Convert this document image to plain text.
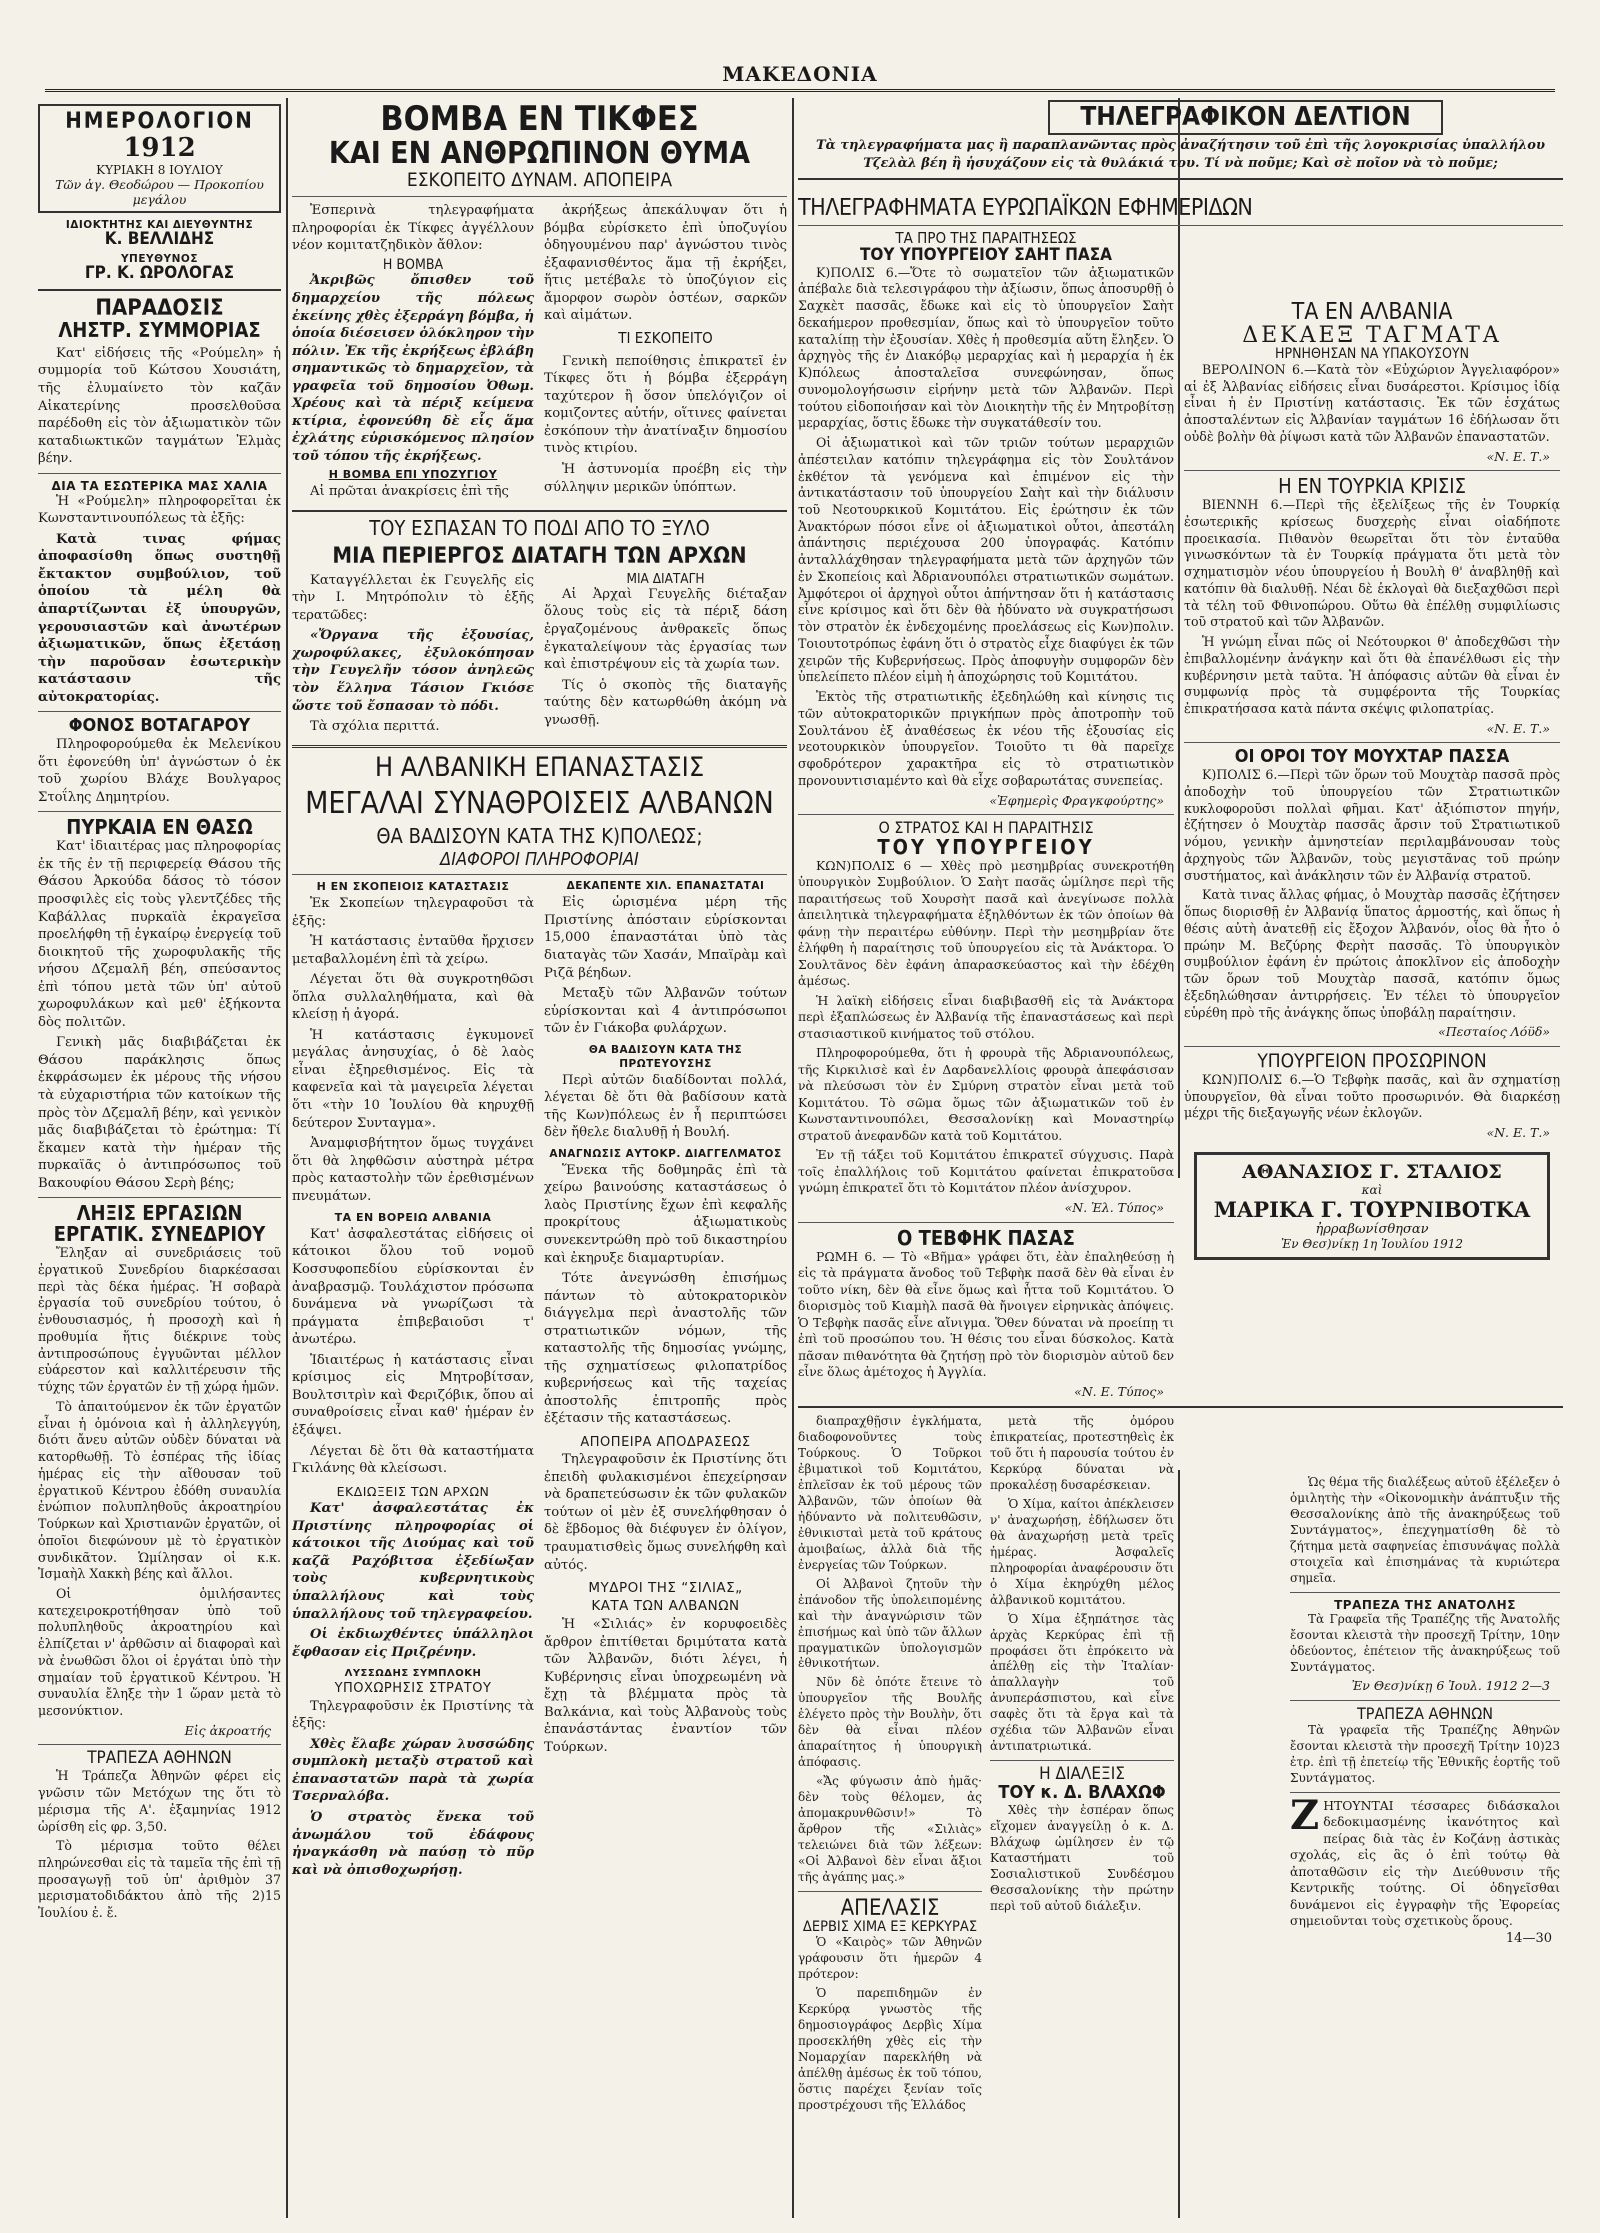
ΜΑΚΕΔΟΝΙΑ
ΗΜΕΡΟΛΟΓΙΟΝ
1912
ΚΥΡΙΑΚΗ 8 ΙΟΥΛΙΟΥ
Τῶν ἁγ. Θεοδώρου — Προκοπίου μεγάλου
ΙΔΙΟΚΤΗΤΗΣ ΚΑΙ ΔΙΕΥΘΥΝΤΗΣ
Κ. ΒΕΛΛΙΔΗΣ
ΥΠΕΥΘΥΝΟΣ
ΓΡ. Κ. ΩΡΟΛΟΓΑΣ
ΠΑΡΑΔΟΣΙΣ
ΛΗΣΤΡ. ΣΥΜΜΟΡΙΑΣ

Κατ' εἰδήσεις τῆς «Ρούμελη» ἡ συμμορία τοῦ Κώτσου Χουσιάτη, τῆς ἐλυμαίνετο τὸν καζᾶν Αἰκατερίνης προσελθοῦσα παρέδοθη εἰς τὸν ἀξιωματικὸν τῶν καταδιωκτικῶν ταγμάτων Ἐλμὰς βέην.

ΔΙΑ ΤΑ ΕΣΩΤΕΡΙΚΑ ΜΑΣ ΧΑΛΙΑ

Ἡ «Ρούμελη» πληροφορεῖται ἐκ Κωνσταντινουπόλεως τὰ ἑξῆς:

Κατὰ τινας φήμας ἀποφασίσθη ὅπως συστηθῇ ἔκτακτον συμβούλιον, τοῦ ὁποίου τὰ μέλη θὰ ἀπαρτίζωνται ἐξ ὑπουργῶν, γερουσιαστῶν καὶ ἀνωτέρων ἀξιωματικῶν, ὅπως ἐξετάσῃ τὴν παροῦσαν ἐσωτερικὴν κατάστασιν τῆς αὐτοκρατορίας.

ΦΟΝΟΣ ΒΟΤΑΓΑΡΟΥ

Πληροφορούμεθα ἐκ Μελενίκου ὅτι ἐφονεύθη ὑπ' ἀγνώστων ὁ ἐκ τοῦ χωρίου Βλάχε Βουλγαρος Στοΐλης Δημητρίου.

ΠΥΡΚΑΙΑ ΕΝ ΘΑΣΩ

Κατ' ἰδιαιτέρας μας πληροφορίας ἐκ τῆς ἐν τῇ περιφερείᾳ Θάσου τῆς Θάσου Ἀρκούδα δάσος τὸ τόσον προσφιλὲς εἰς τοὺς γλεντζέδες τῆς Καβάλλας πυρκαϊὰ ἐκραγεῖσα προελήφθη τῇ ἐγκαίρῳ ἐνεργείᾳ τοῦ διοικητοῦ τῆς χωροφυλακῆς τῆς νήσου Δζεμαλῆ βέη, σπεύσαντος ἐπὶ τόπου μετὰ τῶν ὑπ' αὐτοῦ χωροφυλάκων καὶ μεθ' ἐξήκοντα δὸς πολιτῶν.

Γενικὴ μᾶς διαβιβάζεται ἐκ Θάσου παράκλησις ὅπως ἐκφράσωμεν ἐκ μέρους τῆς νήσου τὰ εὐχαριστήρια τῶν κατοίκων τῆς πρὸς τὸν Δζεμαλῆ βέην, καὶ γενικὸν μᾶς διαβιβάζεται τὸ ἐρώτημα: Τί ἔκαμεν κατὰ τὴν ἡμέραν τῆς πυρκαϊᾶς ὁ ἀντιπρόσωπος τοῦ Βακουφίου Θάσου Σερὴ βέης;

ΛΗΞΙΣ ΕΡΓΑΣΙΩΝ
ΕΡΓΑΤΙΚ. ΣΥΝΕΔΡΙΟΥ

Ἔληξαν αἱ συνεδριάσεις τοῦ ἐργατικοῦ Συνεδρίου διαρκέσασαι περὶ τὰς δέκα ἡμέρας. Ἡ σοβαρὰ ἐργασία τοῦ συνεδρίου τούτου, ὁ ἐνθουσιασμός, ἡ προσοχὴ καὶ ἡ προθυμία ἥτις διέκρινε τοὺς ἀντιπροσώπους ἐγγυῶνται μέλλον εὐάρεστον καὶ καλλιτέρευσιν τῆς τύχης τῶν ἐργατῶν ἐν τῇ χώρᾳ ἡμῶν.

Τὸ ἀπαιτούμενον ἐκ τῶν ἐργατῶν εἶναι ἡ ὁμόνοια καὶ ἡ ἀλληλεγγύη, διότι ἄνευ αὐτῶν οὐδὲν δύναται νὰ κατορθωθῇ. Τὸ ἐσπέρας τῆς ἰδίας ἡμέρας εἰς τὴν αἴθουσαν τοῦ ἐργατικοῦ Κέντρου ἐδόθη συναυλία ἐνώπιον πολυπληθοῦς ἀκροατηρίου Τούρκων καὶ Χριστιανῶν ἐργατῶν, οἱ ὁποῖοι διεφώνουν μὲ τὸ ἐργατικὸν συνδικᾶτον. Ὡμίλησαν οἱ κ.κ. Ἰσμαὴλ Χακκὴ βέης καὶ ἄλλοι.

Οἱ ὁμιλήσαντες κατεχειροκροτήθησαν ὑπὸ τοῦ πολυπληθοῦς ἀκροατηρίου καὶ ἐλπίζεται ν' ἀρθῶσιν αἱ διαφοραὶ καὶ νὰ ἐνωθῶσι ὅλοι οἱ ἐργάται ὑπὸ τὴν σημαίαν τοῦ ἐργατικοῦ Κέντρου. Ἡ συναυλία ἔληξε τὴν 1 ὥραν μετὰ τὸ μεσονύκτιον.

Εἰς ἀκροατής

ΤΡΑΠΕΖΑ ΑΘΗΝΩΝ

Ἡ Τράπεζα Ἀθηνῶν φέρει εἰς γνῶσιν τῶν Μετόχων της ὅτι τὸ μέρισμα τῆς Α'. ἑξαμηνίας 1912 ὡρίσθη εἰς φρ. 3,50.

Τὸ μέρισμα τοῦτο θέλει πληρώνεσθαι εἰς τὰ ταμεῖα τῆς ἐπὶ τῇ προσαγωγῇ τοῦ ὑπ' ἀριθμὸν 37 μερισματοδιδάκτου ἀπὸ τῆς 2)15 Ἰουλίου ἐ. ἔ.

ΒΟΜΒΑ ΕΝ ΤΙΚΦΕΣ
ΚΑΙ ΕΝ ΑΝΘΡΩΠΙΝΟΝ ΘΥΜΑ
ΕΣΚΟΠΕΙΤΟ ΔΥΝΑΜ. ΑΠΟΠΕΙΡΑ

Ἐσπερινὰ τηλεγραφήματα πληροφορίαι ἐκ Τίκφες ἀγγέλλουν νέον κομιτατζηδικὸν ἄθλον:

Η ΒΟΜΒΑ

Ἀκριβῶς ὄπισθεν τοῦ δημαρχείου τῆς πόλεως ἐκείνης χθὲς ἐξερράγη βόμβα, ἡ ὁποία διέσεισεν ὁλόκληρον τὴν πόλιν. Ἐκ τῆς ἐκρήξεως ἐβλάβη σημαντικῶς τὸ δημαρχεῖον, τὰ γραφεῖα τοῦ δημοσίου Ὀθωμ. Χρέους καὶ τὰ πέριξ κείμενα κτίρια, ἐφονεύθη δὲ εἷς ἅμα ἐχλάτης εὑρισκόμενος πλησίον τοῦ τόπου τῆς ἐκρήξεως.

Η ΒΟΜΒΑ ΕΠΙ ΥΠΟΖΥΓΙΟΥ

Αἱ πρῶται ἀνακρίσεις ἐπὶ τῆς

ἀκρήξεως ἀπεκάλυψαν ὅτι ἡ βόμβα εὑρίσκετο ἐπὶ ὑποζυγίου ὁδηγουμένου παρ' ἀγνώστου τινὸς ἐξαφανισθέντος ἅμα τῇ ἐκρήξει, ἥτις μετέβαλε τὸ ὑποζύγιον εἰς ἄμορφον σωρὸν ὀστέων, σαρκῶν καὶ αἱμάτων.

ΤΙ ΕΣΚΟΠΕΙΤΟ

Γενικὴ πεποίθησις ἐπικρατεῖ ἐν Τίκφες ὅτι ἡ βόμβα ἐξερράγη ταχύτερον ἢ ὅσον ὑπελόγιζον οἱ κομιζοντες αὐτήν, οἵτινες φαίνεται ἐσκόπουν τὴν ἀνατίναξιν δημοσίου τινὸς κτιρίου.

Ἡ ἀστυνομία προέβη εἰς τὴν σύλληψιν μερικῶν ὑπόπτων.

ΤΟΥ ΕΣΠΑΣΑΝ ΤΟ ΠΟΔΙ ΑΠΟ ΤΟ ΞΥΛΟ
ΜΙΑ ΠΕΡΙΕΡΓΟΣ ΔΙΑΤΑΓΗ ΤΩΝ ΑΡΧΩΝ

Καταγγέλλεται ἐκ Γευγελῆς εἰς τὴν Ι. Μητρόπολιν τὸ ἑξῆς τερατῶδες:

«Ὄργανα τῆς ἐξουσίας, χωροφύλακες, ἐξυλοκόπησαν τὴν Γευγελῆν τόσον ἀνηλεῶς τὸν ἕλληνα Τάσιον Γκιόσε ὥστε τοῦ ἔσπασαν τὸ πόδι.

Τὰ σχόλια περιττά.

ΜΙΑ ΔΙΑΤΑΓΗ

Αἱ Ἀρχαὶ Γευγελῆς διέταξαν ὅλους τοὺς εἰς τὰ πέριξ δάση ἐργαζομένους ἀνθρακεῖς ὅπως ἐγκαταλείψουν τὰς ἐργασίας των καὶ ἐπιστρέψουν εἰς τὰ χωρία των.

Τίς ὁ σκοπὸς τῆς διαταγῆς ταύτης δὲν κατωρθώθη ἀκόμη νὰ γνωσθῇ.

Η ΑΛΒΑΝΙΚΗ ΕΠΑΝΑΣΤΑΣΙΣ
ΜΕΓΑΛΑΙ ΣΥΝΑΘΡΟΙΣΕΙΣ ΑΛΒΑΝΩΝ
ΘΑ ΒΑΔΙΣΟΥΝ ΚΑΤΑ ΤΗΣ Κ)ΠΟΛΕΩΣ;
ΔΙΑΦΟΡΟΙ ΠΛΗΡΟΦΟΡΙΑΙ
Η ΕΝ ΣΚΟΠΕΙΟΙΣ ΚΑΤΑΣΤΑΣΙΣ

Ἐκ Σκοπείων τηλεγραφοῦσι τὰ ἑξῆς:

Ἡ κατάστασις ἐνταῦθα ἤρχισεν μεταβαλλομένη ἐπὶ τὰ χείρω.

Λέγεται ὅτι θὰ συγκροτηθῶσι ὅπλα συλλαληθήματα, καὶ θὰ κλείσῃ ἡ ἀγορά.

Ἡ κατάστασις ἐγκυμονεῖ μεγάλας ἀνησυχίας, ὁ δὲ λαὸς εἶναι ἐξηρεθισμένος. Εἰς τὰ καφενεῖα καὶ τὰ μαγειρεῖα λέγεται ὅτι «τὴν 10 Ἰουλίου θὰ κηρυχθῇ δεύτερον Συνταγμα».

Ἀναμφισβήτητον ὅμως τυγχάνει ὅτι θὰ ληφθῶσιν αὐστηρὰ μέτρα πρὸς καταστολὴν τῶν ἐρεθισμένων πνευμάτων.

ΤΑ ΕΝ ΒΟΡΕΙΩ ΑΛΒΑΝΙΑ

Κατ' ἀσφαλεστάτας εἰδήσεις οἱ κάτοικοι ὅλου τοῦ νομοῦ Κοσσυφοπεδίου εὑρίσκονται ἐν ἀναβρασμῷ. Τουλάχιστον πρόσωπα δυνάμενα νὰ γνωρίζωσι τὰ πράγματα ἐπιβεβαιοῦσι τ' ἀνωτέρω.

Ἰδιαιτέρως ἡ κατάστασις εἶναι κρίσιμος εἰς Μητροβίτσαν, Βουλτσιτρὶν καὶ Φεριζόβικ, ὅπου αἱ συναθροίσεις εἶναι καθ' ἡμέραν ἐν ἐξάψει.

Λέγεται δὲ ὅτι θὰ καταστήματα Γκιλάνης θὰ κλείσωσι.

ΕΚΔΙΩΞΕΙΣ ΤΩΝ ΑΡΧΩΝ

Κατ' ἀσφαλεστάτας ἐκ Πριστίνης πληροφορίας οἱ κάτοικοι τῆς Διούμας καὶ τοῦ καζᾶ Ραχόβιτσα ἐξεδίωξαν τοὺς κυβερνητικοὺς ὑπαλλήλους καὶ τοὺς ὑπαλλήλους τοῦ τηλεγραφείου.

Οἱ ἐκδιωχθέντες ὑπάλληλοι ἔφθασαν εἰς Πριζρένην.

ΛΥΣΣΩΔΗΣ ΣΥΜΠΛΟΚΗ
ΥΠΟΧΩΡΗΣΙΣ ΣΤΡΑΤΟΥ

Τηλεγραφοῦσιν ἐκ Πριστίνης τὰ ἑξῆς:

Χθὲς ἔλαβε χώραν λυσσώδης συμπλοκὴ μεταξὺ στρατοῦ καὶ ἐπαναστατῶν παρὰ τὰ χωρία Τσερναλόβα.

Ὁ στρατὸς ἔνεκα τοῦ ἀνωμάλου τοῦ ἐδάφους ἠναγκάσθη νὰ παύσῃ τὸ πῦρ καὶ νὰ ὀπισθοχωρήσῃ.

ΔΕΚΑΠΕΝΤΕ ΧΙΛ. ΕΠΑΝΑΣΤΑΤΑΙ

Εἰς ὡρισμένα μέρη τῆς Πριστίνης ἀπόσταιν εὑρίσκονται 15,000 ἐπαναστάται ὑπὸ τὰς διαταγὰς τῶν Χασάν, Μπαϊρὰμ καὶ Ριζᾶ βέηδων.

Μεταξὺ τῶν Ἀλβανῶν τούτων εὑρίσκονται καὶ 4 ἀντιπρόσωποι τῶν ἐν Γιάκοβα φυλάρχων.

ΘΑ ΒΑΔΙΣΟΥΝ ΚΑΤΑ ΤΗΣ ΠΡΩΤΕΥΟΥΣΗΣ

Περὶ αὐτῶν διαδίδονται πολλά, λέγεται δὲ ὅτι θὰ βαδίσουν κατὰ τῆς Κων)πόλεως ἐν ἧ περιπτώσει δὲν ἤθελε διαλυθῇ ἡ Βουλή.

ΑΝΑΓΝΩΣΙΣ ΑΥΤΟΚΡ. ΔΙΑΓΓΕΛΜΑΤΟΣ

Ἕνεκα τῆς δοθμηρᾶς ἐπὶ τὰ χείρω βαινούσης καταστάσεως ὁ λαὸς Πριστίνης ἔχων ἐπὶ κεφαλῆς προκρίτους ἀξιωματικοὺς συνεκεντρώθη πρὸ τοῦ δικαστηρίου καὶ ἐκηρυξε διαμαρτυρίαν.

Τότε ἀνεγνώσθη ἐπισήμως πάντων τὸ αὐτοκρατορικὸν διάγγελμα περὶ ἀναστολῆς τῶν στρατιωτικῶν νόμων, τῆς καταστολῆς τῆς δημοσίας γνώμης, τῆς σχηματίσεως φιλοπατρίδος κυβερνήσεως καὶ τῆς ταχείας ἀποστολῆς ἐπιτροπῆς πρὸς ἐξέτασιν τῆς καταστάσεως.

ΑΠΟΠΕΙΡΑ ΑΠΟΔΡΑΣΕΩΣ

Τηλεγραφοῦσιν ἐκ Πριστίνης ὅτι ἐπειδὴ φυλακισμένοι ἐπεχείρησαν νὰ δραπετεύσωσιν ἐκ τῶν φυλακῶν τούτων οἱ μὲν ἐξ συνελήφθησαν ὁ δὲ ἕβδομος θὰ διέφυγεν ἐν ὀλίγον, τραυματισθεὶς ὅμως συνελήφθη καὶ αὐτός.

ΜΥΔΡΟΙ ΤΗΣ “ΣΙΛΙΑΣ„
ΚΑΤΑ ΤΩΝ ΑΛΒΑΝΩΝ

Ἡ «Σιλιάς» ἐν κορυφοειδὲς ἄρθρον ἐπιτίθεται δριμύτατα κατὰ τῶν Ἀλβανῶν, διότι λέγει, ἡ Κυβέρνησις εἶναι ὑποχρεωμένη νὰ ἔχῃ τὰ βλέμματα πρὸς τὰ Βαλκάνια, καὶ τοὺς Ἀλβανοὺς τοὺς ἐπανάστάντας ἐναντίον τῶν Τούρκων.

ΤΗΛΕΓΡΑΦΙΚΟΝ ΔΕΛΤΙΟΝ
Τὰ τηλεγραφήματα μας ἢ παραπλανῶντας πρὸς ἀναζήτησιν τοῦ ἐπὶ τῆς λογοκρισίας ὑπαλλήλου Τζελὰλ βέη ἢ ἡσυχάζουν εἰς τὰ θυλάκιά του. Τί νὰ ποῦμε; Καὶ σὲ ποῖον νὰ τὸ ποῦμε;
ΤΗΛΕΓΡΑΦΗΜΑΤΑ ΕΥΡΩΠΑΪΚΩΝ ΕΦΗΜΕΡΙΔΩΝ
ΤΑ ΠΡΟ ΤΗΣ ΠΑΡΑΙΤΗΣΕΩΣ
ΤΟΥ ΥΠΟΥΡΓΕΙΟΥ ΣΑΗΤ ΠΑΣΑ

Κ)ΠΟΛΙΣ 6.—Ὅτε τὸ σωματεῖον τῶν ἀξιωματικῶν ἀπέβαλε διὰ τελεσιγράφου τὴν ἀξίωσιν, ὅπως ἀποσυρθῇ ὁ Σαχκὲτ πασσᾶς, ἔδωκε καὶ εἰς τὸ ὑπουργεῖον Σαὴτ δεκαήμερον προθεσμίαν, ὅπως καὶ τὸ ὑπουργεῖον τοῦτο καταλίπῃ τὴν ἐξουσίαν. Χθὲς ἡ προθεσμία αὕτη ἔληξεν. Ὁ ἀρχηγὸς τῆς ἐν Διακόβῳ μεραρχίας καὶ ἡ μεραρχία ἡ ἐκ Κ)πόλεως ἀποσταλεῖσα συνεφώνησαν, ὅπως συνομολογήσωσιν εἰρήνην μετὰ τῶν Ἀλβανῶν. Περὶ τούτου εἰδοποιήσαν καὶ τὸν Διοικητὴν τῆς ἐν Μητροβίτσῃ μεραρχίας, ὅστις ἔδωκε τὴν συγκατάθεσίν του.

Οἱ ἀξιωματικοὶ καὶ τῶν τριῶν τούτων μεραρχιῶν ἀπέστειλαν κατόπιν τηλεγράφημα εἰς τὸν Σουλτάνον ἐκθέτον τὰ γενόμενα καὶ ἐπιμένον εἰς τὴν ἀντικατάστασιν τοῦ ὑπουργείου Σαὴτ καὶ τὴν διάλυσιν τοῦ Νεοτουρκικοῦ Κομιτάτου. Εἰς ἐρώτησιν ἐκ τῶν Ἀνακτόρων πόσοι εἶνε οἱ ἀξιωματικοὶ οὗτοι, ἀπεστάλη ἀπάντησις περιέχουσα 200 ὑπογραφάς. Κατόπιν ἀνταλλάχθησαν τηλεγραφήματα μετὰ τῶν ἀρχηγῶν τῶν ἐν Σκοπείοις καὶ Ἀδριανουπόλει στρατιωτικῶν σωμάτων. Ἀμφότεροι οἱ ἀρχηγοὶ οὗτοι ἀπήντησαν ὅτι ἡ κατάστασις εἶνε κρίσιμος καὶ ὅτι δὲν θὰ ἠδύνατο νὰ συγκρατήσωσι τὸν στρατὸν ἐκ ἐνδεχομένης προελάσεως εἰς Κων)πολιν. Τοιουτοτρόπως ἐφάνη ὅτι ὁ στρατὸς εἶχε διαφύγει ἐκ τῶν χειρῶν τῆς Κυβερνήσεως. Πρὸς ἀποφυγὴν συμφορῶν δὲν ὑπελείπετο πλέον εἰμὴ ἡ ἀποχώρησις τοῦ Κομιτάτου.

Ἐκτὸς τῆς στρατιωτικῆς ἐξεδηλώθη καὶ κίνησις τις τῶν αὐτοκρατορικῶν πριγκήπων πρὸς ἀποτροπὴν τοῦ Σουλτάνου ἐξ ἀναθέσεως ἐκ νέου τῆς ἐξουσίας εἰς νεοτουρκικὸν ὑπουργεῖον. Τοιοῦτο τι θὰ παρεῖχε σφοδρότερον χαρακτῆρα εἰς τὸ στρατιωτικὸν προνουντισιαμέντο καὶ θὰ εἶχε σοβαρωτάτας συνεπείας.

«Ἐφημερὶς Φραγκφούρτης»
Ο ΣΤΡΑΤΟΣ ΚΑΙ Η ΠΑΡΑΙΤΗΣΙΣ
ΤΟΥ ΥΠΟΥΡΓΕΙΟΥ

ΚΩΝ)ΠΟΛΙΣ 6 — Χθὲς πρὸ μεσημβρίας συνεκροτήθη ὑπουργικὸν Συμβούλιον. Ὁ Σαὴτ πασᾶς ὡμίλησε περὶ τῆς παραιτήσεως τοῦ Χουρσὴτ πασᾶ καὶ ἀνεγίνωσε πολλὰ ἀπειλητικὰ τηλεγραφήματα ἐξηλθόντων ἐκ τῶν ὁποίων θὰ φάνῃ τὴν περαιτέρω εὐθύνην. Περὶ τὴν μεσημβρίαν ὅτε ἐλήφθη ἡ παραίτησις τοῦ ὑπουργείου εἰς τὰ Ἀνάκτορα. Ὁ Σουλτᾶνος δὲν ἐφάνη ἀπαρασκεύαστος καὶ τὴν ἐδέχθη ἀμέσως.

Ἡ λαϊκὴ εἰδήσεις εἶναι διαβιβασθῆ εἰς τὰ Ἀνάκτορα περὶ ἐξαπλώσεως ἐν Ἀλβανίᾳ τῆς ἐπαναστάσεως καὶ περὶ στασιαστικοῦ κινήματος τοῦ στόλου.

Πληροφορούμεθα, ὅτι ἡ φρουρὰ τῆς Ἀδριανουπόλεως, τῆς Κιρκιλισὲ καὶ ἐν Δαρδανελλίοις φρουρὰ ἀπεφάσισαν νὰ πλεύσωσι τὸν ἐν Σμύρνη στρατὸν εἶναι μετὰ τοῦ Κομιτάτου. Τὸ σῶμα ὅμως τῶν ἀξιωματικῶν τοῦ ἐν Κωνσταντινουπόλει, Θεσσαλονίκῃ καὶ Μοναστηρίῳ στρατοῦ ἀνεφανδῶν κατὰ τοῦ Κομιτάτου.

Ἐν τῇ τάξει τοῦ Κομιτάτου ἐπικρατεῖ σύγχυσις. Παρὰ τοῖς ἐπαλλήλοις τοῦ Κομιτάτου φαίνεται ἐπικρατοῦσα γνώμη ἐπικρατεῖ ὅτι τὸ Κομιτάτον πλέον ἀνίσχυρον.

«Ν. Ἐλ. Τύπος»
Ο ΤΕΒΦΗΚ ΠΑΣΑΣ

ΡΩΜΗ 6. — Τὸ «Βῆμα» γράφει ὅτι, ἐὰν ἐπαληθεύσῃ ἡ εἰς τὰ πράγματα ἄνοδος τοῦ Τεβφὴκ πασᾶ δὲν θὰ εἶναι ἐν τοῦτο νίκη, δὲν θὰ εἶνε ὅμως καὶ ἧττα τοῦ Κομιτάτου. Ὁ διορισμὸς τοῦ Κιαμὴλ πασᾶ θὰ ἤνοιγεν εἰρηνικὰς ἀπόψεις. Ὁ Τεβφὴκ πασᾶς εἶνε αἴνιγμα. Ὅθεν δύναται νὰ προείπῃ τι ἐπὶ τοῦ προσώπου του. Ἡ θέσις του εἶναι δύσκολος. Κατὰ πᾶσαν πιθανότητα θὰ ζητήσῃ πρὸ τὸν διορισμὸν αὐτοῦ δεν εἶνε ὅλως ἀμέτοχος ἡ Ἀγγλία.

«Ν. Ε. Τύπος»

διαπραχθῇσιν ἐγκλήματα, διαδοφονοῦντες τοὺς Τούρκους. Ὁ Τοῦρκοι ἐβιματικοὶ τοῦ Κομιτάτου, ἐπλεῖσαν ἐκ τοῦ μέρους τῶν Ἀλβανῶν, τῶν ὁποίων θὰ ἠδύναντο νὰ πολιτευθῶσιν, ἐθνικισταὶ μετὰ τοῦ κράτους ἀμοιβαίως, ἀλλὰ διὰ τῆς ἐνεργείας τῶν Τούρκων.

Οἱ Ἀλβανοὶ ζητοῦν τὴν ἐπάνοδον τῆς ὑπολειπομένης καὶ τὴν ἀναγνώρισιν τῶν ἐπισήμως καὶ ὑπὸ τῶν ἄλλων πραγματικῶν ὑπολογισμῶν ἐθνικοτήτων.

Νῦν δὲ ὁπότε ἔτεινε τὸ ὑπουργεῖον τῆς Βουλῆς ἐλέγετο πρὸς τὴν Βουλὴν, ὅτι δὲν θὰ εἶναι πλέον ἀπαραίτητος ἡ ὑπουργικὴ ἀπόφασις.

«Ἄς φύγωσιν ἀπὸ ἡμᾶς· δὲν τοὺς θέλομεν, ἀς ἀπομακρυνθῶσιν!» Τὸ ἄρθρον τῆς «Σιλιὰς» τελειώνει διὰ τῶν λέξεων: «Οἱ Ἀλβανοὶ δὲν εἶναι ἄξιοι τῆς ἀγάπης μας.»

ΑΠΕΛΑΣΙΣ
ΔΕΡΒΙΣ ΧΙΜΑ ΕΞ ΚΕΡΚΥΡΑΣ

Ὁ «Καιρὸς» τῶν Ἀθηνῶν γράφουσιν ὅτι ἡμερῶν 4 πρότερον:

Ὁ παρεπιδημῶν ἐν Κερκύρᾳ γνωστὸς τῆς δημοσιογράφος Δερβὶς Χίμα προσεκλήθη χθὲς εἰς τὴν Νομαρχίαν παρεκλήθη νὰ ἀπέλθῃ ἀμέσως ἐκ τοῦ τόπου, ὅστις παρέχει ξενίαν τοῖς προστρέχουσι τῆς Ἑλλάδος

μετὰ τῆς ὁμόρου ἐπικρατείας, προτεστηθεὶς ἐκ τοῦ ὅτι ἡ παρουσία τούτου ἐν Κερκύρᾳ δύναται νὰ προκαλέσῃ δυσαρέσκειαν.

Ὁ Χίμα, καίτοι ἀπέκλεισεν ν' ἀναχωρήσῃ, ἐδήλωσεν ὅτι θὰ ἀναχωρήσῃ μετὰ τρεῖς ἡμέρας. Ἀσφαλεῖς πληροφορίαι ἀναφέρουσιν ὅτι ὁ Χίμα ἐκηρύχθη μέλος ἀλβανικοῦ κομιτάτου.

Ὁ Χίμα ἐξηπάτησε τὰς ἀρχὰς Κερκύρας ἐπὶ τῇ προφάσει ὅτι ἐπρόκειτο νὰ ἀπέλθῃ εἰς τὴν Ἰταλίαν· ἀπαλλαγὴν τοῦ ἀνυπεράσπιστου, καὶ εἶνε σαφὲς ὅτι τὰ ἔργα καὶ τὰ σχέδια τῶν Ἀλβανῶν εἶναι ἀντιπατριωτικά.

Η ΔΙΑΛΕΞΙΣ
ΤΟΥ κ. Δ. ΒΛΑΧΩΦ

Χθὲς τὴν ἑσπέραν ὅπως εἴχομεν ἀναγγείλῃ ὁ κ. Δ. Βλάχωφ ὡμίλησεν ἐν τῷ Καταστήματι τοῦ Σοσιαλιστικοῦ Συνδέσμου Θεσσαλονίκης τὴν πρώτην περὶ τοῦ αὐτοῦ διάλεξιν.

ΤΑ ΕΝ ΑΛΒΑΝΙΑ
ΔΕΚΑΕΞ ΤΑΓΜΑΤΑ
ΗΡΝΗΘΗΣΑΝ ΝΑ ΥΠΑΚΟΥΣΟΥΝ

ΒΕΡΟΛΙΝΟΝ 6.—Κατὰ τὸν «Εὐχώριον Ἀγγελιαφόρον» αἱ ἐξ Ἀλβανίας εἰδήσεις εἶναι δυσάρεστοι. Κρίσιμος ἰδίᾳ εἶναι ἡ ἐν Πριστίνῃ κατάστασις. Ἐκ τῶν ἐσχάτως ἀποσταλέντων εἰς Ἀλβανίαν ταγμάτων 16 ἐδήλωσαν ὅτι οὐδὲ βολὴν θὰ ῥίψωσι κατὰ τῶν Ἀλβανῶν ἐπαναστατῶν.

«Ν. Ε. Τ.»
Η ΕΝ ΤΟΥΡΚΙΑ ΚΡΙΣΙΣ

ΒΙΕΝΝΗ 6.—Περὶ τῆς ἐξελίξεως τῆς ἐν Τουρκίᾳ ἐσωτερικῆς κρίσεως δυσχερὴς εἶναι οἱαδήποτε προεικασία. Πιθανὸν θεωρεῖται ὅτι τὸν ἐνταῦθα γινωσκόντων τὰ ἐν Τουρκίᾳ πράγματα ὅτι μετὰ τὸν σχηματισμὸν νέου ὑπουργείου ἡ Βουλὴ θ' ἀναβληθῇ καὶ κατόπιν θὰ διαλυθῇ. Νέαι δὲ ἐκλογαὶ θὰ διεξαχθῶσι περὶ τὰ τέλη τοῦ Φθινοπώρου. Οὕτω θὰ ἐπέλθῃ συμφιλίωσις τοῦ στρατοῦ καὶ τῶν Ἀλβανῶν.

Ἡ γνώμη εἶναι πῶς οἱ Νεότουρκοι θ' ἀποδεχθῶσι τὴν ἐπιβαλλομένην ἀνάγκην καὶ ὅτι θὰ ἐπανέλθωσι εἰς τὴν κυβέρνησιν μετὰ ταῦτα. Ἡ ἀπόφασις αὐτῶν θὰ εἶναι ἐν συμφωνίᾳ πρὸς τὰ συμφέροντα τῆς Τουρκίας ἐπικρατήσασα κατὰ πάντα σκέψις φιλοπατρίας.

«Ν. Ε. Τ.»
ΟΙ ΟΡΟΙ ΤΟΥ ΜΟΥΧΤΑΡ ΠΑΣΣΑ

Κ)ΠΟΛΙΣ 6.—Περὶ τῶν ὅρων τοῦ Μουχτὰρ πασσᾶ πρὸς ἀποδοχὴν τοῦ ὑπουργείου τῶν Στρατιωτικῶν κυκλοφοροῦσι πολλαὶ φῆμαι. Κατ' ἀξιόπιστον πηγήν, ἐζήτησεν ὁ Μουχτὰρ πασσᾶς ἄρσιν τοῦ Στρατιωτικοῦ νόμου, γενικὴν ἀμνηστείαν περιλαμβάνουσαν τοὺς ἀρχηγοὺς τῶν Ἀλβανῶν, τοὺς μεγιστᾶνας τοῦ πρώην συστήματος, καὶ ἀνάκλησιν τῶν ἐν Ἀλβανίᾳ στρατοῦ.

Κατὰ τινας ἄλλας φήμας, ὁ Μουχτὰρ πασσᾶς ἐζήτησεν ὅπως διορισθῇ ἐν Ἀλβανίᾳ ὕπατος ἁρμοστής, καὶ ὅπως ἡ θέσις αὐτὴ ἀνατεθῇ εἰς ἔξοχον Ἀλβανόν, οἷος θὰ ἦτο ὁ πρώην Μ. Βεζύρης Φερὴτ πασσᾶς. Τὸ ὑπουργικὸν συμβούλιον ἐφάνη ἐν πρώτοις ἀποκλῖνον εἰς ἀποδοχὴν τῶν ὅρων τοῦ Μουχτὰρ πασσᾶ, κατόπιν ὅμως ἐξεδηλώθησαν ἀντιρρήσεις. Ἐν τέλει τὸ ὑπουργεῖον εὑρέθη πρὸ τῆς ἀνάγκης ὅπως ὑποβάλῃ παραίτησιν.

«Πεσταίος Λόϋδ»
ΥΠΟΥΡΓΕΙΟΝ ΠΡΟΣΩΡΙΝΟΝ

ΚΩΝ)ΠΟΛΙΣ 6.—Ὁ Τεβφὴκ πασᾶς, καὶ ἂν σχηματίσῃ ὑπουργεῖον, θὰ εἶναι τοῦτο προσωρινόν. Θὰ διαρκέσῃ μέχρι τῆς διεξαγωγῆς νέων ἐκλογῶν.

«Ν. Ε. Τ.»
ΑΘΑΝΑΣΙΟΣ Γ. ΣΤΑΛΙΟΣ
καὶ
ΜΑΡΙΚΑ Γ. ΤΟΥΡΝΙΒΟΤΚΑ
ἠρραβωνίσθησαν
Ἐν Θεσ)νίκῃ 1η Ἰουλίου 1912

Ὡς θέμα τῆς διαλέξεως αὐτοῦ ἐξέλεξεν ὁ ὁμιλητὴς τὴν «Οἰκονομικὴν ἀνάπτυξιν τῆς Θεσσαλονίκης ἀπὸ τῆς ἀνακηρύξεως τοῦ Συντάγματος», ἐπεχγηματίσθη δὲ τὸ ζήτημα μετὰ σαφηνείας ἐπισυνάψας πολλὰ στοιχεῖα καὶ ἐπισημάνας τὰ κυριώτερα σημεῖα.

ΤΡΑΠΕΖΑ ΤΗΣ ΑΝΑΤΟΛΗΣ

Τὰ Γραφεῖα τῆς Τραπέζης τῆς Ἀνατολῆς ἔσονται κλειστὰ τὴν προσεχῆ Τρίτην, 10ην ὁδεύοντος, ἐπέτειον τῆς ἀνακηρύξεως τοῦ Συντάγματος.

Ἐν Θεσ)νίκῃ 6 Ἰουλ. 1912 2—3
ΤΡΑΠΕΖΑ ΑΘΗΝΩΝ

Τὰ γραφεῖα τῆς Τραπέζης Ἀθηνῶν ἔσονται κλειστὰ τὴν προσεχῆ Τρίτην 10)23 ἐτρ. ἐπὶ τῇ ἐπετείῳ τῆς Ἐθνικῆς ἑορτῆς τοῦ Συντάγματος.

ΖΗΤΟΥΝΤΑΙ τέσσαρες διδάσκαλοι δεδοκιμασμένης ἱκανότητος καὶ πείρας διὰ τὰς ἐν Κοζάνῃ ἀστικὰς σχολάς, εἰς ἃς ὁ ἐπὶ τούτῳ θὰ ἀποταθῶσιν εἰς τὴν Διεύθυνσιν τῆς Κεντρικῆς τούτης. Οἱ ὁδηγεῖσθαι δυνάμενοι εἰς ἐγγραφὴν τῆς Ἐφορείας σημειοῦνται τοὺς σχετικοὺς ὅρους.
14—30
